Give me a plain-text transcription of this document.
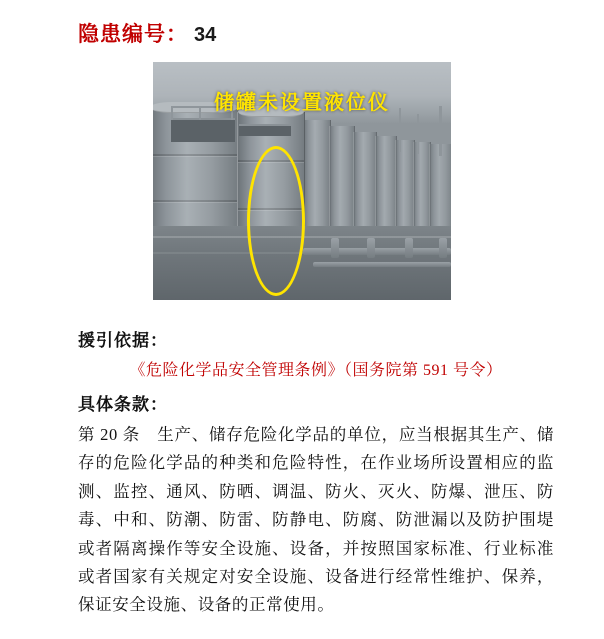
隐患编号： 34
储罐未设置液位仪
援引依据：
《危险化学品安全管理条例》（国务院第 591 号令）
具体条款：
第 20 条　生产、储存危险化学品的单位，应当根据其生产、储存的危险化学品的种类和危险特性，在作业场所设置相应的监测、监控、通风、防晒、调温、防火、灭火、防爆、泄压、防毒、中和、防潮、防雷、防静电、防腐、防泄漏以及防护围堤或者隔离操作等安全设施、设备，并按照国家标准、行业标准或者国家有关规定对安全设施、设备进行经常性维护、保养，保证安全设施、设备的正常使用。
